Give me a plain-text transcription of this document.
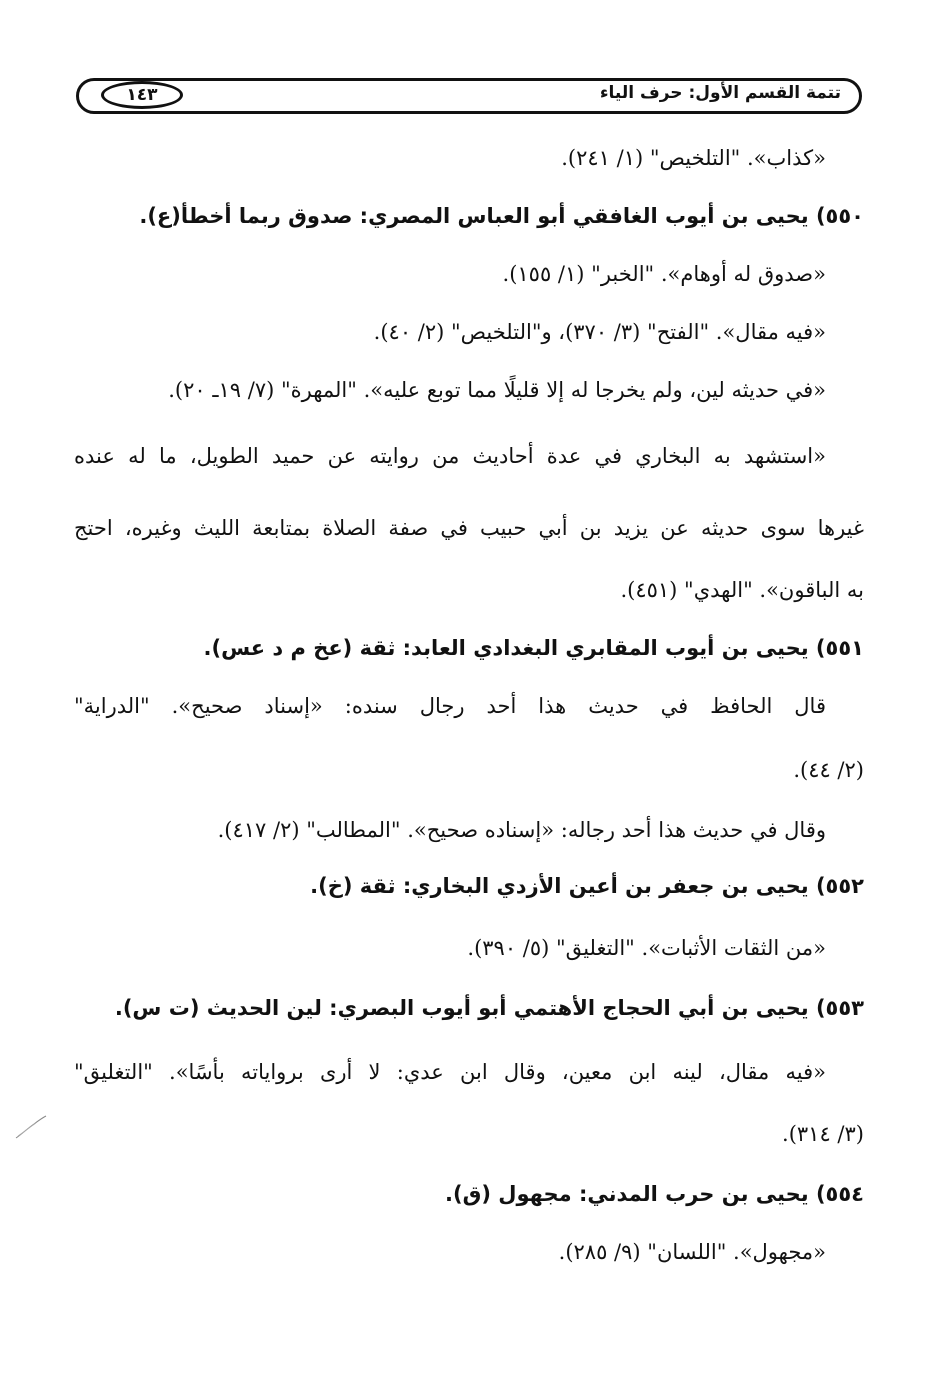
تتمة القسم الأول: حرف الياء
١٤٣
«كذاب». "التلخيص" (١/ ٢٤١).
٥٥٠) يحيى بن أيوب الغافقي أبو العباس المصري: صدوق ربما أخطأ(ع).
«صدوق له أوهام». "الخبر" (١/ ١٥٥).
«فيه مقال». "الفتح" (٣/ ٣٧٠)، و"التلخيص" (٢/ ٤٠).
«في حديثه لين، ولم يخرجا له إلا قليلًا مما توبع عليه». "المهرة" (٧/ ١٩ـ ٢٠).
«استشهد به البخاري في عدة أحاديث من روايته عن حميد الطويل، ما له عنده
غيرها سوى حديثه عن يزيد بن أبي حبيب في صفة الصلاة بمتابعة الليث وغيره، احتج
به الباقون». "الهدي" (٤٥١).
٥٥١) يحيى بن أيوب المقابري البغدادي العابد: ثقة (عخ م د عس).
قال الحافظ في حديث هذا أحد رجال سنده: «إسناد صحيح». "الدراية"
(٢/ ٤٤).
وقال في حديث هذا أحد رجاله: «إسناده صحيح». "المطالب" (٢/ ٤١٧).
٥٥٢) يحيى بن جعفر بن أعين الأزدي البخاري: ثقة (خ).
«من الثقات الأثبات». "التغليق" (٥/ ٣٩٠).
٥٥٣) يحيى بن أبي الحجاج الأهتمي أبو أيوب البصري: لين الحديث (ت س).
«فيه مقال، لينه ابن معين، وقال ابن عدي: لا أرى برواياته بأسًا». "التغليق"
(٣/ ٣١٤).
٥٥٤) يحيى بن حرب المدني: مجهول (ق).
«مجهول». "اللسان" (٩/ ٢٨٥).
